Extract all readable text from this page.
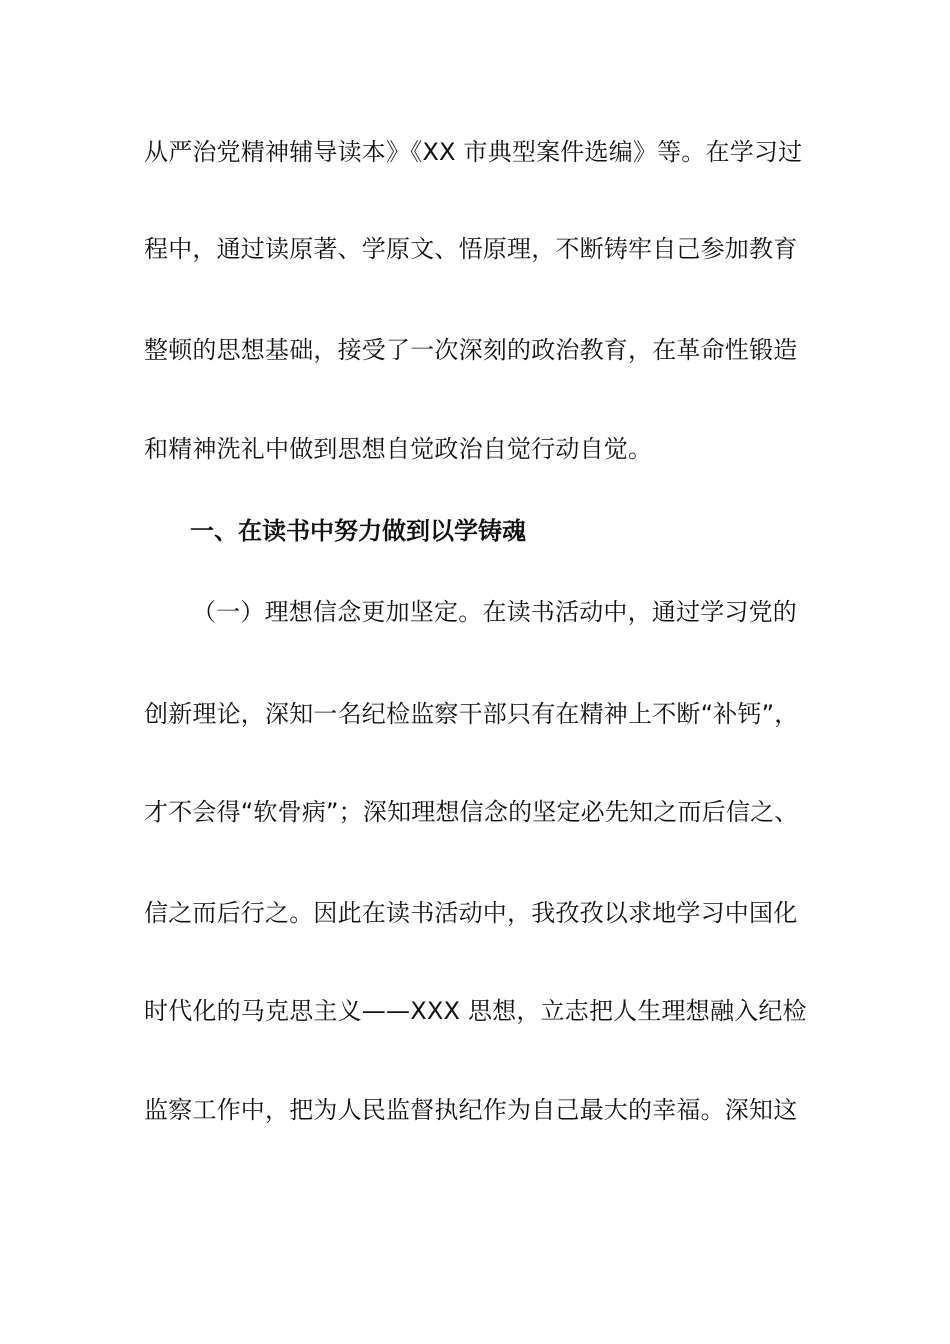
从严治党精神辅导读本》《XX 市典型案件选编》等。在学习过
程中，通过读原著、学原文、悟原理，不断铸牢自己参加教育
整顿的思想基础，接受了一次深刻的政治教育，在革命性锻造
和精神洗礼中做到思想自觉政治自觉行动自觉。
一、在读书中努力做到以学铸魂
（一）理想信念更加坚定。在读书活动中，通过学习党的
创新理论，深知一名纪检监察干部只有在精神上不断“补钙”，
才不会得“软骨病”；深知理想信念的坚定必先知之而后信之、
信之而后行之。因此在读书活动中，我孜孜以求地学习中国化
时代化的马克思主义——XXX 思想，立志把人生理想融入纪检
监察工作中，把为人民监督执纪作为自己最大的幸福。深知这
